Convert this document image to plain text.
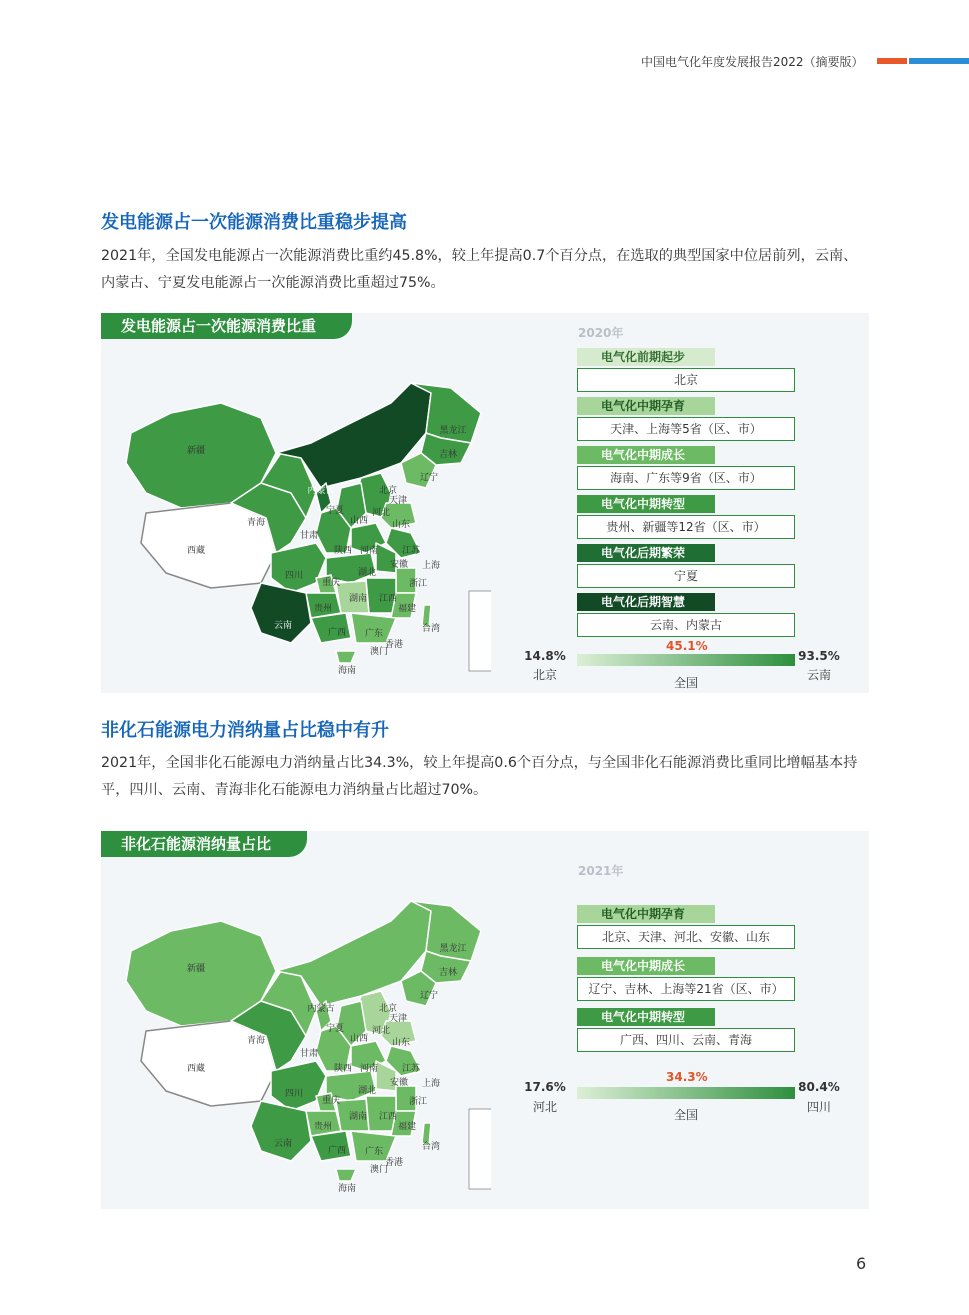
中国电气化年度发展报告2022（摘要版）
发电能源占一次能源消费比重稳步提高
2021年，全国发电能源占一次能源消费比重约45.8%，较上年提高0.7个百分点，在选取的典型国家中位居前列，云南、内蒙古、宁夏发电能源占一次能源消费比重超过75%。
发电能源占一次能源消费比重
新疆
西藏
青海
甘肃
内蒙古
黑龙江
吉林
辽宁
北京
天津
河北
山西	山东
宁夏
陕西 河南	江苏
安徽 上海
四川	湖北
重庆	浙江
贵州
湖南 江西
福建
云南
广西 广东	台湾
香港
澳门
海南
2020年
电气化前期起步
北京
电气化中期孕育
天津、上海等5省（区、市）
电气化中期成长
海南、广东等9省（区、市）
电气化中期转型
贵州、新疆等12省（区、市）
电气化后期繁荣
宁夏
电气化后期智慧
云南、内蒙古
45.1%
14.8%
北京
93.5%
云南
全国
非化石能源电力消纳量占比稳中有升
2021年，全国非化石能源电力消纳量占比34.3%，较上年提高0.6个百分点，与全国非化石能源消费比重同比增幅基本持平，四川、云南、青海非化石能源电力消纳量占比超过70%。
非化石能源消纳量占比
新疆
西藏
青海
甘肃
内蒙古
黑龙江
吉林
辽宁
北京
天津
河北
山西	山东
宁夏
陕西 河南	江苏
安徽 上海
四川	湖北
重庆	浙江
贵州
湖南 江西
福建
云南
广西 广东	台湾
香港
澳门
海南
2021年
电气化中期孕育
北京、天津、河北、安徽、山东
电气化中期成长
辽宁、吉林、上海等21省（区、市）
电气化中期转型
广西、四川、云南、青海
34.3%
17.6%
河北
80.4%
四川
全国
6
